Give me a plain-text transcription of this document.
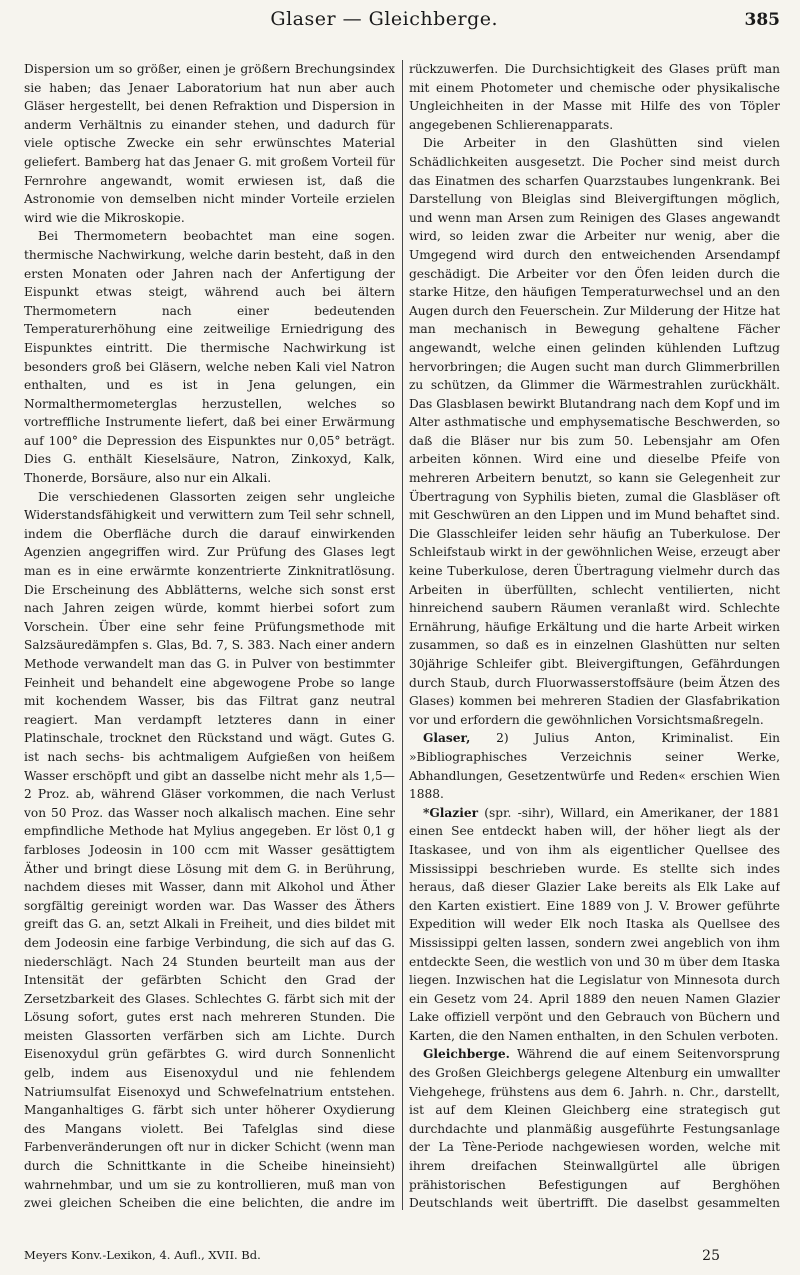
Glaser — Gleichberge.	385

Dispersion um so größer, einen je größern Brechungsindex sie haben; das Jenaer Laboratorium hat nun aber auch Gläser hergestellt, bei denen Refraktion und Dispersion in anderm Verhältnis zu einander stehen, und dadurch für viele optische Zwecke ein sehr erwünschtes Material geliefert. Bamberg hat das Jenaer G. mit großem Vorteil für Fernrohre angewandt, womit erwiesen ist, daß die Astronomie von demselben nicht minder Vorteile erzielen wird wie die Mikroskopie.

Bei Thermometern beobachtet man eine sogen. thermische Nachwirkung, welche darin besteht, daß in den ersten Monaten oder Jahren nach der Anfertigung der Eispunkt etwas steigt, während auch bei ältern Thermometern nach einer bedeutenden Temperaturerhöhung eine zeitweilige Erniedrigung des Eispunktes eintritt. Die thermische Nachwirkung ist besonders groß bei Gläsern, welche neben Kali viel Natron enthalten, und es ist in Jena gelungen, ein Normalthermometerglas herzustellen, welches so vortreffliche Instrumente liefert, daß bei einer Erwärmung auf 100° die Depression des Eispunktes nur 0,05° beträgt. Dies G. enthält Kieselsäure, Natron, Zinkoxyd, Kalk, Thonerde, Borsäure, also nur ein Alkali.

Die verschiedenen Glassorten zeigen sehr ungleiche Widerstandsfähigkeit und verwittern zum Teil sehr schnell, indem die Oberfläche durch die darauf einwirkenden Agenzien angegriffen wird. Zur Prüfung des Glases legt man es in eine erwärmte konzentrierte Zinknitratlösung. Die Erscheinung des Abblätterns, welche sich sonst erst nach Jahren zeigen würde, kommt hierbei sofort zum Vorschein. Über eine sehr feine Prüfungsmethode mit Salzsäuredämpfen s. Glas, Bd. 7, S. 383. Nach einer andern Methode verwandelt man das G. in Pulver von bestimmter Feinheit und behandelt eine abgewogene Probe so lange mit kochendem Wasser, bis das Filtrat ganz neutral reagiert. Man verdampft letzteres dann in einer Platinschale, trocknet den Rückstand und wägt. Gutes G. ist nach sechs- bis achtmaligem Aufgießen von heißem Wasser erschöpft und gibt an dasselbe nicht mehr als 1,5—2 Proz. ab, während Gläser vorkommen, die nach Verlust von 50 Proz. das Wasser noch alkalisch machen. Eine sehr empfindliche Methode hat Mylius angegeben. Er löst 0,1 g farbloses Jodeosin in 100 ccm mit Wasser gesättigtem Äther und bringt diese Lösung mit dem G. in Berührung, nachdem dieses mit Wasser, dann mit Alkohol und Äther sorgfältig gereinigt worden war. Das Wasser des Äthers greift das G. an, setzt Alkali in Freiheit, und dies bildet mit dem Jodeosin eine farbige Verbindung, die sich auf das G. niederschlägt. Nach 24 Stunden beurteilt man aus der Intensität der gefärbten Schicht den Grad der Zersetzbarkeit des Glases. Schlechtes G. färbt sich mit der Lösung sofort, gutes erst nach mehreren Stunden. Die meisten Glassorten verfärben sich am Lichte. Durch Eisenoxydul grün gefärbtes G. wird durch Sonnenlicht gelb, indem aus Eisenoxydul und nie fehlendem Natriumsulfat Eisenoxyd und Schwefelnatrium entstehen. Manganhaltiges G. färbt sich unter höherer Oxydierung des Mangans violett. Bei Tafelglas sind diese Farbenveränderungen oft nur in dicker Schicht (wenn man durch die Schnittkante in die Scheibe hineinsieht) wahrnehmbar, und um sie zu kontrollieren, muß man von zwei gleichen Scheiben die eine belichten, die andre im

rückzuwerfen. Die Durchsichtigkeit des Glases prüft man mit einem Photometer und chemische oder physikalische Ungleichheiten in der Masse mit Hilfe des von Töpler angegebenen Schlierenapparats.

Die Arbeiter in den Glashütten sind vielen Schädlichkeiten ausgesetzt. Die Pocher sind meist durch das Einatmen des scharfen Quarzstaubes lungenkrank. Bei Darstellung von Bleiglas sind Bleivergiftungen möglich, und wenn man Arsen zum Reinigen des Glases angewandt wird, so leiden zwar die Arbeiter nur wenig, aber die Umgegend wird durch den entweichenden Arsendampf geschädigt. Die Arbeiter vor den Öfen leiden durch die starke Hitze, den häufigen Temperaturwechsel und an den Augen durch den Feuerschein. Zur Milderung der Hitze hat man mechanisch in Bewegung gehaltene Fächer angewandt, welche einen gelinden kühlenden Luftzug hervorbringen; die Augen sucht man durch Glimmerbrillen zu schützen, da Glimmer die Wärmestrahlen zurückhält. Das Glasblasen bewirkt Blutandrang nach dem Kopf und im Alter asthmatische und emphysematische Beschwerden, so daß die Bläser nur bis zum 50. Lebensjahr am Ofen arbeiten können. Wird eine und dieselbe Pfeife von mehreren Arbeitern benutzt, so kann sie Gelegenheit zur Übertragung von Syphilis bieten, zumal die Glasbläser oft mit Geschwüren an den Lippen und im Mund behaftet sind. Die Glasschleifer leiden sehr häufig an Tuberkulose. Der Schleifstaub wirkt in der gewöhnlichen Weise, erzeugt aber keine Tuberkulose, deren Übertragung vielmehr durch das Arbeiten in überfüllten, schlecht ventilierten, nicht hinreichend saubern Räumen veranlaßt wird. Schlechte Ernährung, häufige Erkältung und die harte Arbeit wirken zusammen, so daß es in einzelnen Glashütten nur selten 30jährige Schleifer gibt. Bleivergiftungen, Gefährdungen durch Staub, durch Fluorwasserstoffsäure (beim Ätzen des Glases) kommen bei mehreren Stadien der Glasfabrikation vor und erfordern die gewöhnlichen Vorsichtsmaßregeln.

Glaser, 2) Julius Anton, Kriminalist. Ein »Bibliographisches Verzeichnis seiner Werke, Abhandlungen, Gesetzentwürfe und Reden« erschien Wien 1888.

*Glazier (spr. -sihr), Willard, ein Amerikaner, der 1881 einen See entdeckt haben will, der höher liegt als der Itaskasee, und von ihm als eigentlicher Quellsee des Mississippi beschrieben wurde. Es stellte sich indes heraus, daß dieser Glazier Lake bereits als Elk Lake auf den Karten existiert. Eine 1889 von J. V. Brower geführte Expedition will weder Elk noch Itaska als Quellsee des Mississippi gelten lassen, sondern zwei angeblich von ihm entdeckte Seen, die westlich von und 30 m über dem Itaska liegen. Inzwischen hat die Legislatur von Minnesota durch ein Gesetz vom 24. April 1889 den neuen Namen Glazier Lake offiziell verpönt und den Gebrauch von Büchern und Karten, die den Namen enthalten, in den Schulen verboten.

Gleichberge. Während die auf einem Seitenvorsprung des Großen Gleichbergs gelegene Altenburg ein umwallter Viehgehege, frühstens aus dem 6. Jahrh. n. Chr., darstellt, ist auf dem Kleinen Gleichberg eine strategisch gut durchdachte und planmäßig ausgeführte Festungsanlage der La Tène-Periode nachgewiesen worden, welche mit ihrem dreifachen Steinwallgürtel alle übrigen prähistorischen Befestigungen auf Berghöhen Deutschlands weit übertrifft. Die daselbst gesammelten

Meyers Konv.-Lexikon, 4. Aufl., XVII. Bd.	25
